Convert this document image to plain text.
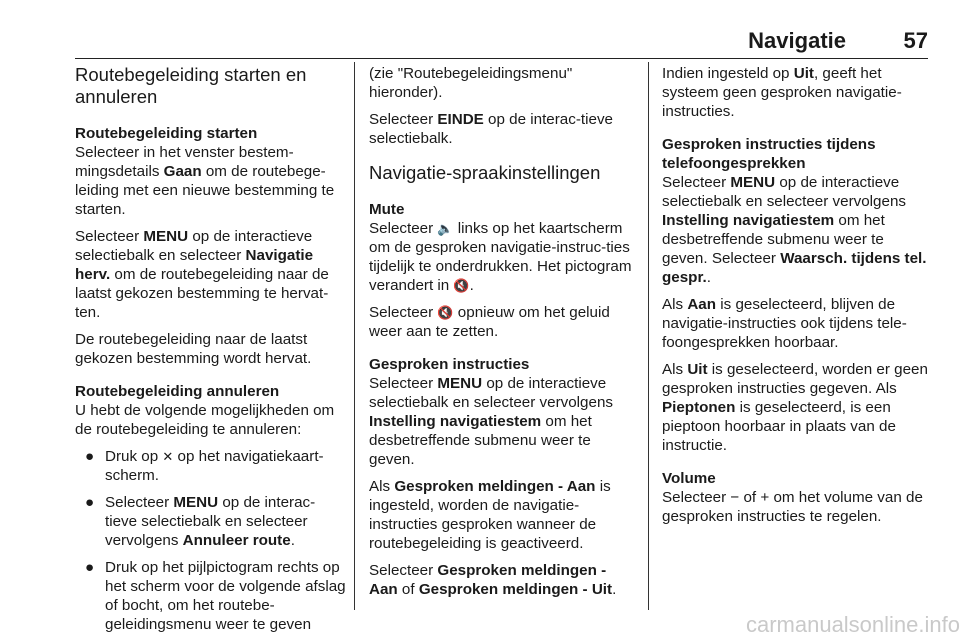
Navigatie	57
Routebegeleiding starten en annuleren
Routebegeleiding starten

Selecteer in het venster bestem-mingsdetails Gaan om de routebege-leiding met een nieuwe bestemming te starten.

Selecteer MENU op de interactieve selectiebalk en selecteer Navigatie herv. om de routebegeleiding naar de laatst gekozen bestemming te hervat-ten.

De routebegeleiding naar de laatst gekozen bestemming wordt hervat.

Routebegeleiding annuleren

U hebt de volgende mogelijkheden om de routebegeleiding te annuleren:

● Druk op ✕ op het navigatiekaart-scherm.
● Selecteer MENU op de interac-tieve selectiebalk en selecteer vervolgens Annuleer route.
● Druk op het pijlpictogram rechts op het scherm voor de volgende afslag of bocht, om het routebe-geleidingsmenu weer te geven

(zie "Routebegeleidingsmenu" hieronder).

Selecteer EINDE op de interac-tieve selectiebalk.

Navigatie-spraakinstellingen
Mute

Selecteer 🔈 links op het kaartscherm om de gesproken navigatie-instruc-ties tijdelijk te onderdrukken. Het pictogram verandert in 🔇.

Selecteer 🔇 opnieuw om het geluid weer aan te zetten.

Gesproken instructies

Selecteer MENU op de interactieve selectiebalk en selecteer vervolgens Instelling navigatiestem om het desbetreffende submenu weer te geven.

Als Gesproken meldingen - Aan is ingesteld, worden de navigatie-instructies gesproken wanneer de routebegeleiding is geactiveerd.

Selecteer Gesproken meldingen - Aan of Gesproken meldingen - Uit.

Indien ingesteld op Uit, geeft het systeem geen gesproken navigatie-instructies.

Gesproken instructies tijdens telefoongesprekken

Selecteer MENU op de interactieve selectiebalk en selecteer vervolgens Instelling navigatiestem om het desbetreffende submenu weer te geven. Selecteer Waarsch. tijdens tel. gespr..

Als Aan is geselecteerd, blijven de navigatie-instructies ook tijdens tele-foongesprekken hoorbaar.

Als Uit is geselecteerd, worden er geen gesproken instructies gegeven. Als Pieptonen is geselecteerd, is een pieptoon hoorbaar in plaats van de instructie.

Volume

Selecteer − of + om het volume van de gesproken instructies te regelen.

carmanualsonline.info
